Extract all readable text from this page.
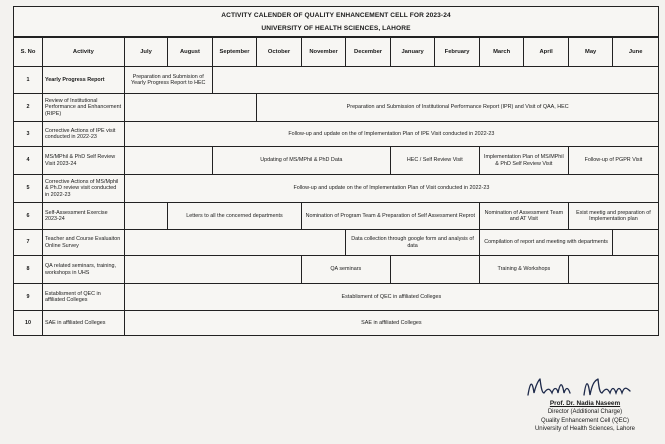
ACTIVITY CALENDER OF QUALITY ENHANCEMENT CELL FOR 2023-24
UNIVERSITY OF HEALTH SCIENCES, LAHORE
S. No	Activity	July	August	September	October	November	December	January	February	March	April	May	June
1	Yearly Progress Report	Preparation and Submision of Yearly Progress Report to HEC											
2	Review of Institutional Performance and Enhancement (RIPE)				Preparation and Submission of Institutional Performance Report (IPR) and Visit of QAA, HEC								
3	Corrective Actions of IPE visit conducted in 2022-23	Follow-up and update on the of Implementation Plan of IPE Visit conducted in 2022-23											
4	MS/MPhil & PhD Self Review Visit 2023-24			Updating of MS/MPhil & PhD Data				HEC / Self Review Visit		Implementation Plan of MS/MPhil & PhD Self Review Visit		Follow-up of PGPR Visit	
5	Corrective Actions of MS/Mphil & Ph.D review visit conducted in 2022-23	Follow-up and update on the of Implementation Plan of Visit conducted in 2022-23											
6	Self-Assessment Exercise 2023-24		Letters to all the concerned departments			Nomination of Program Team & Preparation of Self Assessment Reprot				Nomination of Assessment Team and AT Visit		Exist meetig and preparation of Implementation plan	
7	Teacher and Course Evaluaiton Online Survey						Data collection through google form and analysis of data			Compilation of report and meeting with departments			
8	QA related seminars, training, workshops in UHS					QA seminars				Training & Workshops			
9	Establisment of QEC in affiliated Colleges	Establisment of QEC in affiliated Colleges											
10	SAE in affiliated Colleges	SAE in affiliated Colleges											
Prof. Dr. Nadia Naseem
Director (Additional Charge)
Quality Enhancement Cell (QEC)
University of Health Sciences, Lahore
